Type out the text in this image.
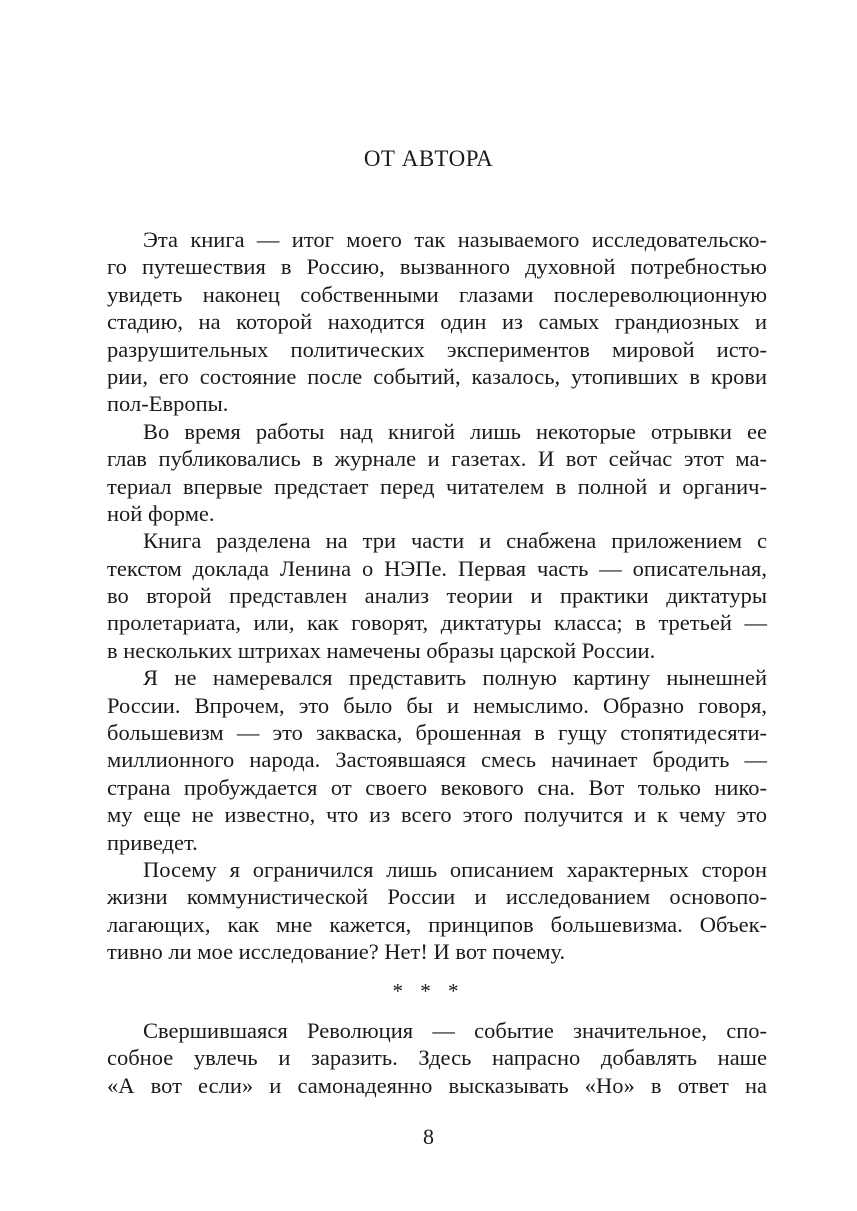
ОТ АВТОРА
Эта книга — итог моего так называемого исследовательско-
го путешествия в Россию, вызванного духовной потребностью
увидеть наконец собственными глазами послереволюционную
стадию, на которой находится один из самых грандиозных и
разрушительных политических экспериментов мировой исто-
рии, его состояние после событий, казалось, утопивших в крови
пол-Европы.
Во время работы над книгой лишь некоторые отрывки ее
глав публиковались в журнале и газетах. И вот сейчас этот ма-
териал впервые предстает перед читателем в полной и органич-
ной форме.
Книга разделена на три части и снабжена приложением с
текстом доклада Ленина о НЭПе. Первая часть — описательная,
во второй представлен анализ теории и практики диктатуры
пролетариата, или, как говорят, диктатуры класса; в третьей —
в нескольких штрихах намечены образы царской России.
Я не намеревался представить полную картину нынешней
России. Впрочем, это было бы и немыслимо. Образно говоря,
большевизм — это закваска, брошенная в гущу стопятидесяти-
миллионного народа. Застоявшаяся смесь начинает бродить —
страна пробуждается от своего векового сна. Вот только нико-
му еще не известно, что из всего этого получится и к чему это
приведет.
Посему я ограничился лишь описанием характерных сторон
жизни коммунистической России и исследованием основопо-
лагающих, как мне кажется, принципов большевизма. Объек-
тивно ли мое исследование? Нет! И вот почему.
* * *
Свершившаяся Революция — событие значительное, спо-
собное увлечь и заразить. Здесь напрасно добавлять наше
«А вот если» и самонадеянно высказывать «Но» в ответ на
8
